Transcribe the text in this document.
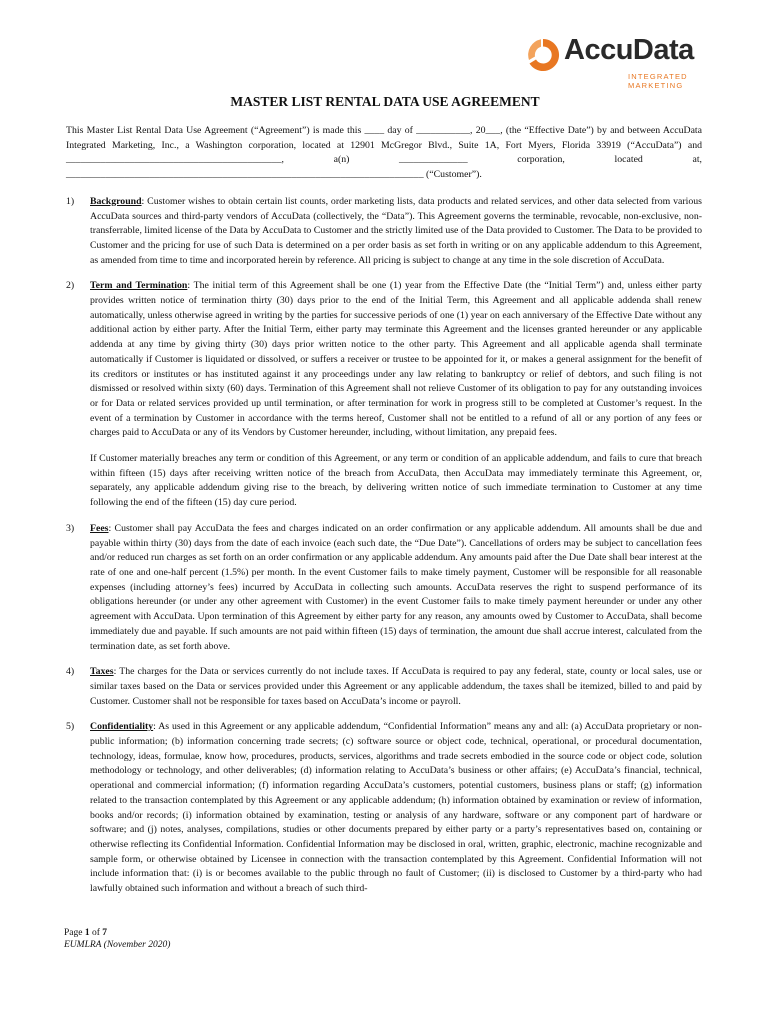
AccuData
INTEGRATED MARKETING
MASTER LIST RENTAL DATA USE AGREEMENT

This Master List Rental Data Use Agreement (“Agreement”) is made this ____ day of ___________, 20___, (the “Effective Date”) by and between AccuData Integrated Marketing, Inc., a Washington corporation, located at 12901 McGregor Blvd., Suite 1A, Fort Myers, Florida 33919 (“AccuData”) and ____________________________________________, a(n) ______________ corporation, located at, _________________________________________________________________________ (“Customer”).

1) Background: Customer wishes to obtain certain list counts, order marketing lists, data products and related services, and other data selected from various AccuData sources and third-party vendors of AccuData (collectively, the “Data”). This Agreement governs the terminable, revocable, non-exclusive, non-transferrable, limited license of the Data by AccuData to Customer and the strictly limited use of the Data provided to Customer. The Data to be provided to Customer and the pricing for use of such Data is determined on a per order basis as set forth in writing or on any applicable addendum to this Agreement, as amended from time to time and incorporated herein by reference. All pricing is subject to change at any time in the sole discretion of AccuData.

2) Term and Termination: The initial term of this Agreement shall be one (1) year from the Effective Date (the “Initial Term”) and, unless either party provides written notice of termination thirty (30) days prior to the end of the Initial Term, this Agreement and all applicable addenda shall renew automatically, unless otherwise agreed in writing by the parties for successive periods of one (1) year on each anniversary of the Effective Date without any additional action by either party. After the Initial Term, either party may terminate this Agreement and the licenses granted hereunder or any applicable addenda at any time by giving thirty (30) days prior written notice to the other party. This Agreement and all applicable agenda shall terminate automatically if Customer is liquidated or dissolved, or suffers a receiver or trustee to be appointed for it, or makes a general assignment for the benefit of its creditors or institutes or has instituted against it any proceedings under any law relating to bankruptcy or relief of debtors, and such filing is not dismissed or resolved within sixty (60) days. Termination of this Agreement shall not relieve Customer of its obligation to pay for any outstanding invoices or for Data or related services provided up until termination, or after termination for work in progress still to be completed at Customer’s request. In the event of a termination by Customer in accordance with the terms hereof, Customer shall not be entitled to a refund of all or any portion of any fees or charges paid to AccuData or any of its Vendors by Customer hereunder, including, without limitation, any prepaid fees.

If Customer materially breaches any term or condition of this Agreement, or any term or condition of an applicable addendum, and fails to cure that breach within fifteen (15) days after receiving written notice of the breach from AccuData, then AccuData may immediately terminate this Agreement, or, separately, any applicable addendum giving rise to the breach, by delivering written notice of such immediate termination to Customer at any time following the end of the fifteen (15) day cure period.

3) Fees: Customer shall pay AccuData the fees and charges indicated on an order confirmation or any applicable addendum. All amounts shall be due and payable within thirty (30) days from the date of each invoice (each such date, the “Due Date”). Cancellations of orders may be subject to cancellation fees and/or reduced run charges as set forth on an order confirmation or any applicable addendum. Any amounts paid after the Due Date shall bear interest at the rate of one and one-half percent (1.5%) per month. In the event Customer fails to make timely payment, Customer will be responsible for all reasonable expenses (including attorney’s fees) incurred by AccuData in collecting such amounts. AccuData reserves the right to suspend performance of its obligations hereunder (or under any other agreement with Customer) in the event Customer fails to make timely payment hereunder or under any other agreement with AccuData. Upon termination of this Agreement by either party for any reason, any amounts owed by Customer to AccuData, shall become immediately due and payable. If such amounts are not paid within fifteen (15) days of termination, the amount due shall accrue interest, calculated from the termination date, as set forth above.

4) Taxes: The charges for the Data or services currently do not include taxes. If AccuData is required to pay any federal, state, county or local sales, use or similar taxes based on the Data or services provided under this Agreement or any applicable addendum, the taxes shall be itemized, billed to and paid by Customer. Customer shall not be responsible for taxes based on AccuData’s income or payroll.

5) Confidentiality: As used in this Agreement or any applicable addendum, “Confidential Information” means any and all: (a) AccuData proprietary or non-public information; (b) information concerning trade secrets; (c) software source or object code, technical, operational, or procedural documentation, technology, ideas, formulae, know how, procedures, products, services, algorithms and trade secrets embodied in the source code or object code, solution methodology or technology, and other deliverables; (d) information relating to AccuData’s business or other affairs; (e) AccuData’s financial, technical, operational and commercial information; (f) information regarding AccuData’s customers, potential customers, business plans or staff; (g) information related to the transaction contemplated by this Agreement or any applicable addendum; (h) information obtained by examination or review of information, books and/or records; (i) information obtained by examination, testing or analysis of any hardware, software or any component part of hardware or software; and (j) notes, analyses, compilations, studies or other documents prepared by either party or a party’s representatives based on, containing or otherwise reflecting its Confidential Information. Confidential Information may be disclosed in oral, written, graphic, electronic, machine recognizable and sample form, or otherwise obtained by Licensee in connection with the transaction contemplated by this Agreement. Confidential Information will not include information that: (i) is or becomes available to the public through no fault of Customer; (ii) is disclosed to Customer by a third-party who had lawfully obtained such information and without a breach of such third-

Page 1 of 7
EUMLRA (November 2020)
